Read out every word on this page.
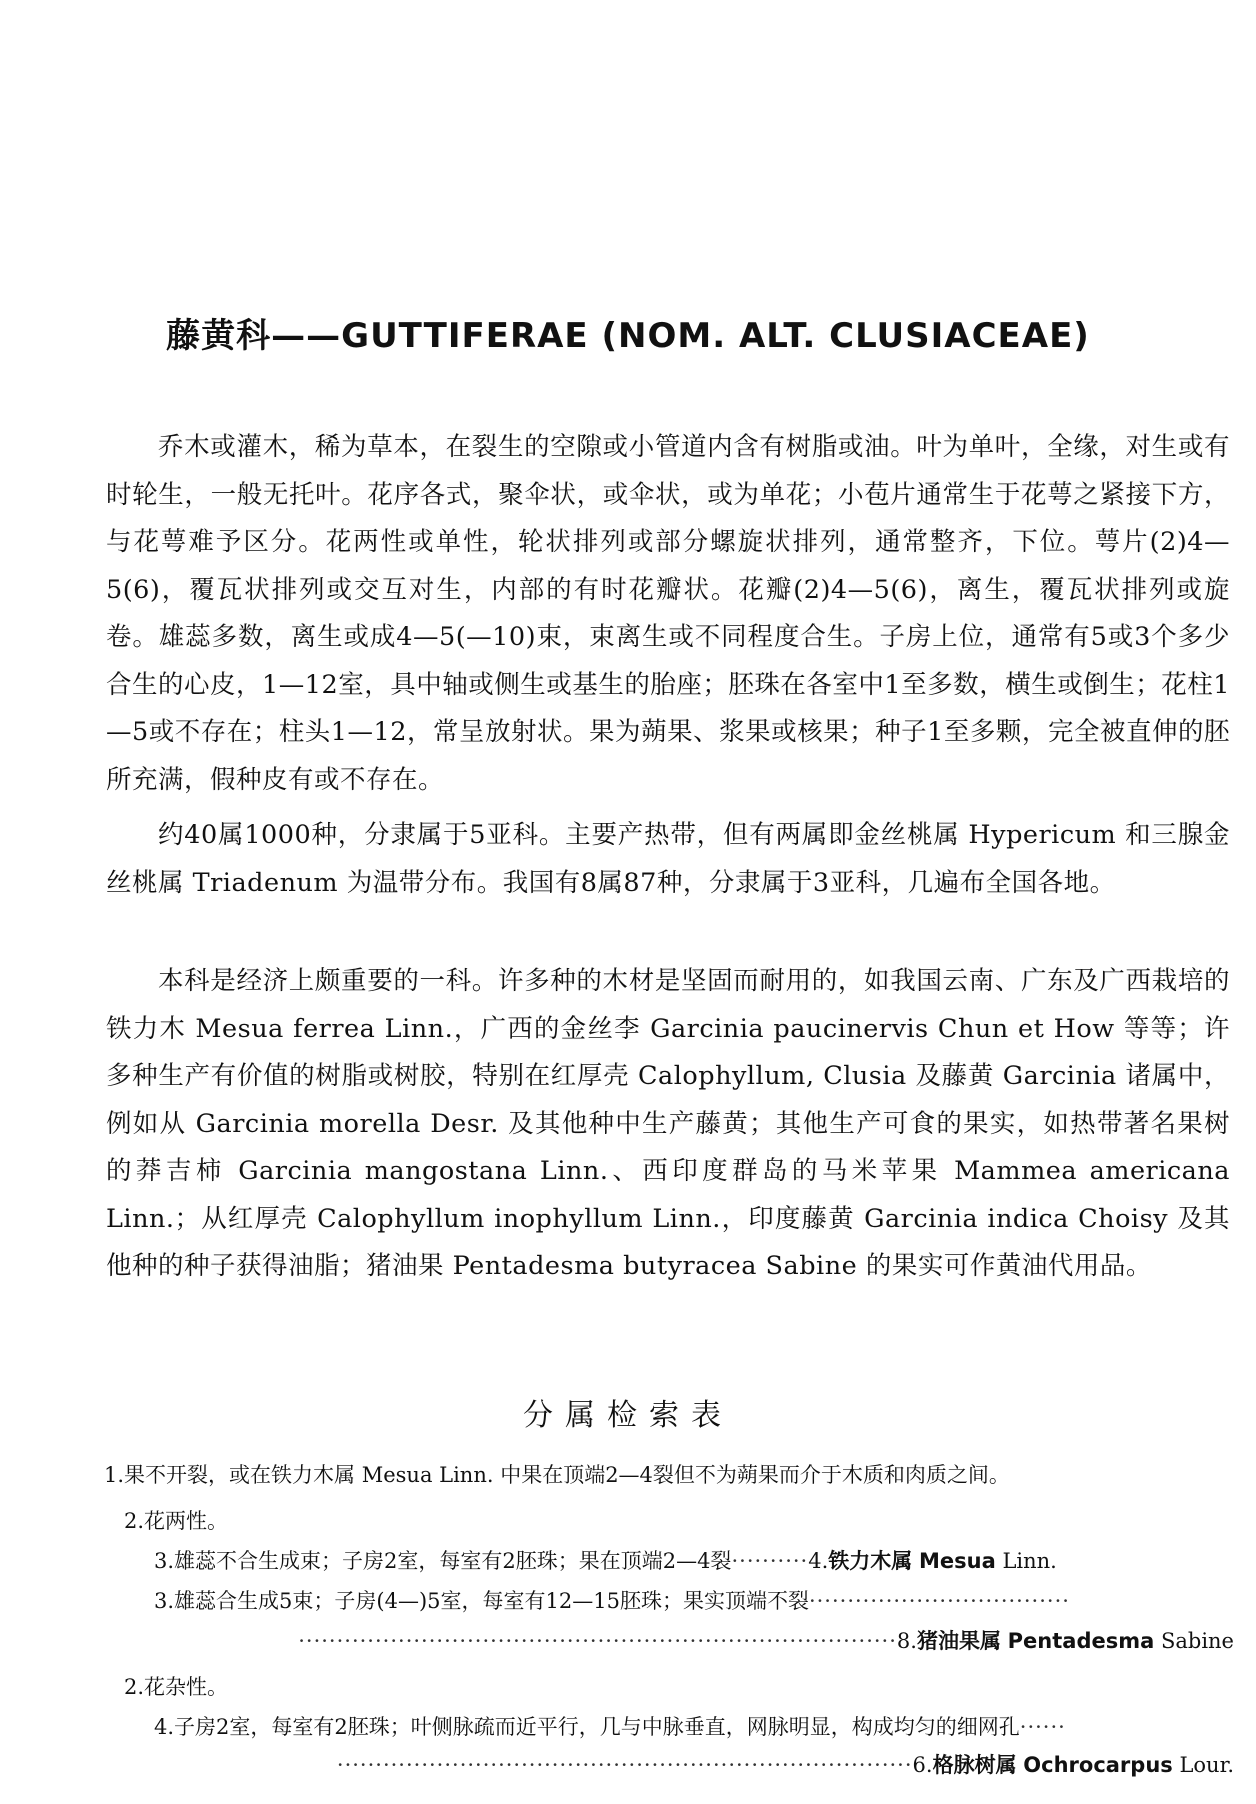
藤黄科——GUTTIFERAE (NOM. ALT. CLUSIACEAE)
乔木或灌木，稀为草本，在裂生的空隙或小管道内含有树脂或油。叶为单叶，全缘，对生或有时轮生，一般无托叶。花序各式，聚伞状，或伞状，或为单花；小苞片通常生于花萼之紧接下方，与花萼难予区分。花两性或单性，轮状排列或部分螺旋状排列，通常整齐，下位。萼片(2)4—5(6)，覆瓦状排列或交互对生，内部的有时花瓣状。花瓣(2)4—5(6)，离生，覆瓦状排列或旋卷。雄蕊多数，离生或成4—5(—10)束，束离生或不同程度合生。子房上位，通常有5或3个多少合生的心皮，1—12室，具中轴或侧生或基生的胎座；胚珠在各室中1至多数，横生或倒生；花柱1—5或不存在；柱头1—12，常呈放射状。果为蒴果、浆果或核果；种子1至多颗，完全被直伸的胚所充满，假种皮有或不存在。
约40属1000种，分隶属于5亚科。主要产热带，但有两属即金丝桃属 Hypericum 和三腺金丝桃属 Triadenum 为温带分布。我国有8属87种，分隶属于3亚科，几遍布全国各地。
本科是经济上颇重要的一科。许多种的木材是坚固而耐用的，如我国云南、广东及广西栽培的铁力木 Mesua ferrea Linn.，广西的金丝李 Garcinia paucinervis Chun et How 等等；许多种生产有价值的树脂或树胶，特别在红厚壳 Calophyllum, Clusia 及藤黄 Garcinia 诸属中，例如从 Garcinia morella Desr. 及其他种中生产藤黄；其他生产可食的果实，如热带著名果树的莽吉柿 Garcinia mangostana Linn.、西印度群岛的马米苹果 Mammea americana Linn.；从红厚壳 Calophyllum inophyllum Linn.，印度藤黄 Garcinia indica Choisy 及其他种的种子获得油脂；猪油果 Pentadesma butyracea Sabine 的果实可作黄油代用品。
分属检索表
1.果不开裂，或在铁力木属 Mesua Linn. 中果在顶端2—4裂但不为蒴果而介于木质和肉质之间。
2.花两性。
3.雄蕊不合生成束；子房2室，每室有2胚珠；果在顶端2—4裂··········4.铁力木属 Mesua Linn.
3.雄蕊合生成5束；子房(4—)5室，每室有12—15胚珠；果实顶端不裂··································
··············································································8.猪油果属 Pentadesma Sabine
2.花杂性。
4.子房2室，每室有2胚珠；叶侧脉疏而近平行，几与中脉垂直，网脉明显，构成均匀的细网孔······
···········································································6.格脉树属 Ochrocarpus Lour.
